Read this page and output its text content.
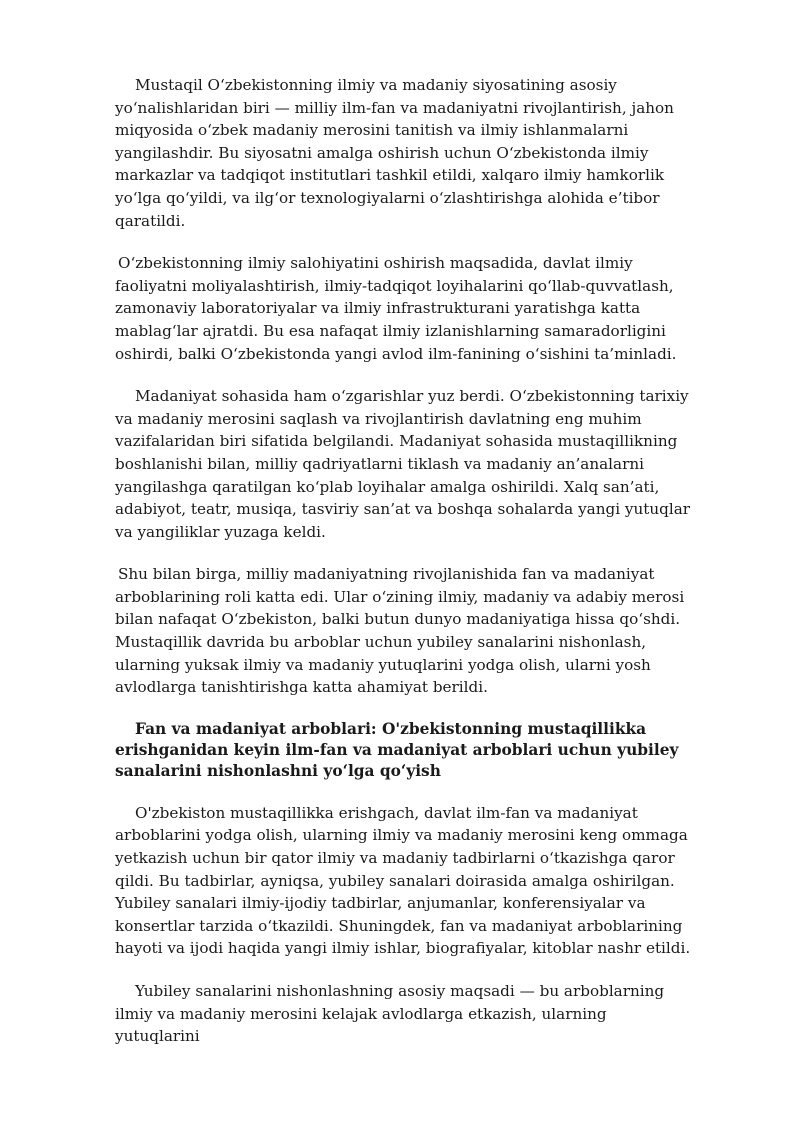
Mustaqil O‘zbekistonning ilmiy va madaniy siyosatining asosiy yo‘nalishlaridan biri — milliy ilm-fan va madaniyatni rivojlantirish, jahon miqyosida o‘zbek madaniy merosini tanitish va ilmiy ishlanmalarni yangilashdir. Bu siyosatni amalga oshirish uchun O‘zbekistonda ilmiy markazlar va tadqiqot institutlari tashkil etildi, xalqaro ilmiy hamkorlik yo‘lga qo‘yildi, va ilg‘or texnologiyalarni o‘zlashtirishga alohida e’tibor qaratildi.

O‘zbekistonning ilmiy salohiyatini oshirish maqsadida, davlat ilmiy faoliyatni moliyalashtirish, ilmiy-tadqiqot loyihalarini qo‘llab-quvvatlash, zamonaviy laboratoriyalar va ilmiy infrastrukturani yaratishga katta mablag‘lar ajratdi. Bu esa nafaqat ilmiy izlanishlarning samaradorligini oshirdi, balki O‘zbekistonda yangi avlod ilm-fanining o‘sishini ta’minladi.

Madaniyat sohasida ham o‘zgarishlar yuz berdi. O‘zbekistonning tarixiy va madaniy merosini saqlash va rivojlantirish davlatning eng muhim vazifalaridan biri sifatida belgilandi. Madaniyat sohasida mustaqillikning boshlanishi bilan, milliy qadriyatlarni tiklash va madaniy an’analarni yangilashga qaratilgan ko‘plab loyihalar amalga oshirildi. Xalq san’ati, adabiyot, teatr, musiqa, tasviriy san’at va boshqa sohalarda yangi yutuqlar va yangiliklar yuzaga keldi.

Shu bilan birga, milliy madaniyatning rivojlanishida fan va madaniyat arboblarining roli katta edi. Ular o‘zining ilmiy, madaniy va adabiy merosi bilan nafaqat O‘zbekiston, balki butun dunyo madaniyatiga hissa qo‘shdi. Mustaqillik davrida bu arboblar uchun yubiley sanalarini nishonlash, ularning yuksak ilmiy va madaniy yutuqlarini yodga olish, ularni yosh avlodlarga tanishtirishga katta ahamiyat berildi.

Fan va madaniyat arboblari: O'zbekistonning mustaqillikka erishganidan keyin ilm-fan va madaniyat arboblari uchun yubiley sanalarini nishonlashni yo‘lga qo‘yish

O'zbekiston mustaqillikka erishgach, davlat ilm-fan va madaniyat arboblarini yodga olish, ularning ilmiy va madaniy merosini keng ommaga yetkazish uchun bir qator ilmiy va madaniy tadbirlarni o‘tkazishga qaror qildi. Bu tadbirlar, ayniqsa, yubiley sanalari doirasida amalga oshirilgan. Yubiley sanalari ilmiy-ijodiy tadbirlar, anjumanlar, konferensiyalar va konsertlar tarzida o‘tkazildi. Shuningdek, fan va madaniyat arboblarining hayoti va ijodi haqida yangi ilmiy ishlar, biografiyalar, kitoblar nashr etildi.

Yubiley sanalarini nishonlashning asosiy maqsadi — bu arboblarning ilmiy va madaniy merosini kelajak avlodlarga etkazish, ularning yutuqlarini
